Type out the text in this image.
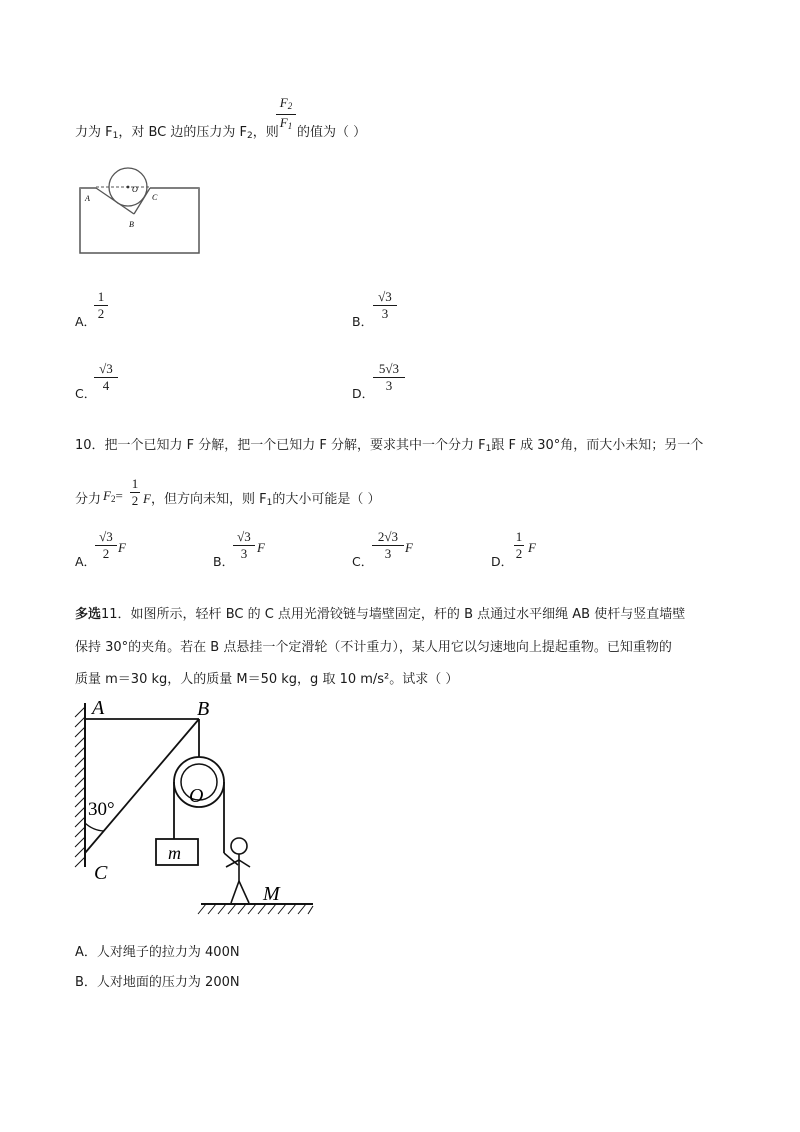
力为 $F_1$，对 BC 边的压力为 $F_2$，则
$F_2$
$F_1$ 的值为（ ）
O
A
B
C
A．
1
2
B．
√3
3
C．
√3
4
D．
5√3
3
10．把一个已知力 F 分解，把一个已知力 F 分解，要求其中一个分力 $F_1$跟 F 成 30°角，而大小未知；另一个
分力 $F_2=$
1
2 F，但方向未知，则 $F_1$的大小可能是（ ）
A．
√3
2 F
B．
√3
3 F
C．
2√3
3	F
D．
1
2 F
多选11．如图所示，轻杆 BC 的 C 点用光滑铰链与墙壁固定，杆的 B 点通过水平细绳 AB 使杆与竖直墙壁
保持 30°的夹角。若在 B 点悬挂一个定滑轮（不计重力），某人用它以匀速地向上提起重物。已知重物的
质量 m＝30 kg，人的质量 M＝50 kg，g 取 10 m/s²。试求（ ）
A	B
O
30°
C
m
M
A．人对绳子的拉力为 400N
B．人对地面的压力为 200N
